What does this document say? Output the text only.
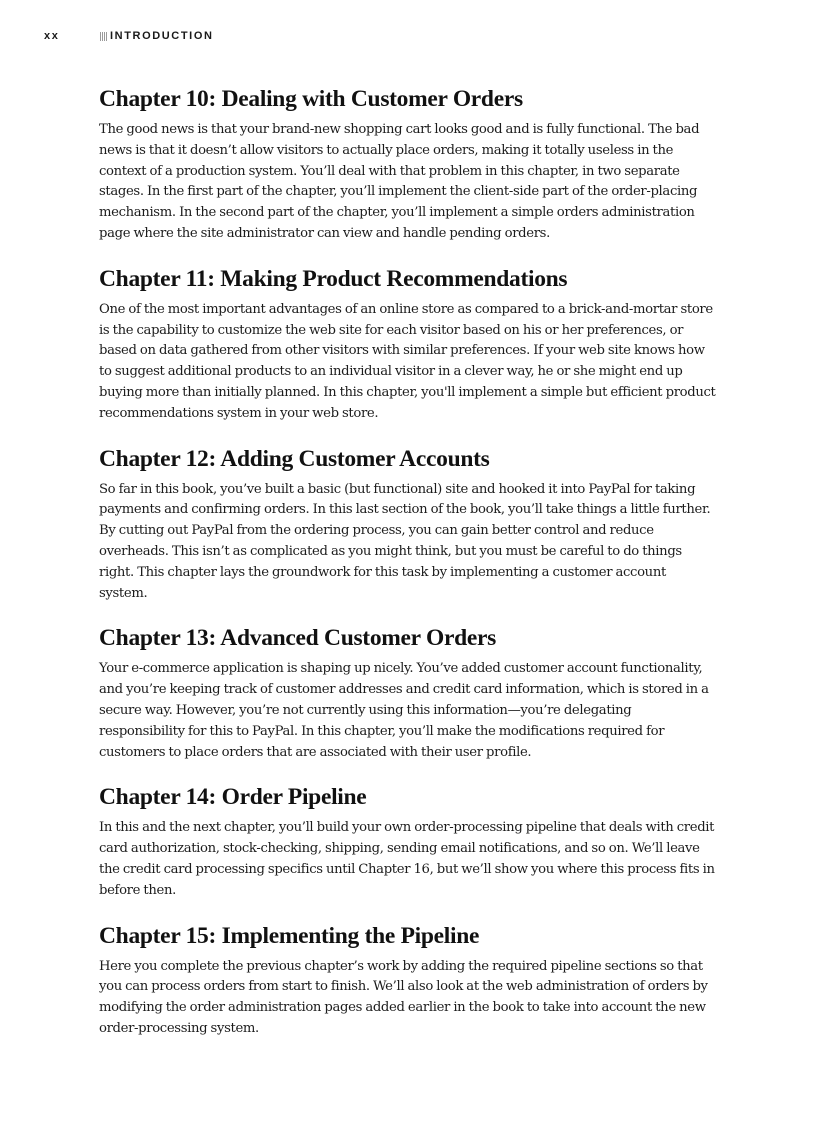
xx	INTRODUCTION
Chapter 10: Dealing with Customer Orders

The good news is that your brand-new shopping cart looks good and is fully functional. The bad news is that it doesn’t allow visitors to actually place orders, making it totally useless in the context of a production system. You’ll deal with that problem in this chapter, in two separate stages. In the first part of the chapter, you’ll implement the client-side part of the order-placing mechanism. In the second part of the chapter, you’ll implement a simple orders administration page where the site administrator can view and handle pending orders.

Chapter 11: Making Product Recommendations

One of the most important advantages of an online store as compared to a brick-and-mortar store is the capability to customize the web site for each visitor based on his or her preferences, or based on data gathered from other visitors with similar preferences. If your web site knows how to suggest additional products to an individual visitor in a clever way, he or she might end up buying more than initially planned. In this chapter, you'll implement a simple but efficient product recommendations system in your web store.

Chapter 12: Adding Customer Accounts

So far in this book, you’ve built a basic (but functional) site and hooked it into PayPal for taking payments and confirming orders. In this last section of the book, you’ll take things a little further. By cutting out PayPal from the ordering process, you can gain better control and reduce overheads. This isn’t as complicated as you might think, but you must be careful to do things right. This chapter lays the groundwork for this task by implementing a customer account system.

Chapter 13: Advanced Customer Orders

Your e-commerce application is shaping up nicely. You’ve added customer account functionality, and you’re keeping track of customer addresses and credit card information, which is stored in a secure way. However, you’re not currently using this information—you’re delegating responsibility for this to PayPal. In this chapter, you’ll make the modifications required for customers to place orders that are associated with their user profile.

Chapter 14: Order Pipeline

In this and the next chapter, you’ll build your own order-processing pipeline that deals with credit card authorization, stock-checking, shipping, sending email notifications, and so on. We’ll leave the credit card processing specifics until Chapter 16, but we’ll show you where this process fits in before then.

Chapter 15: Implementing the Pipeline

Here you complete the previous chapter’s work by adding the required pipeline sections so that you can process orders from start to finish. We’ll also look at the web administration of orders by modifying the order administration pages added earlier in the book to take into account the new order-processing system.
